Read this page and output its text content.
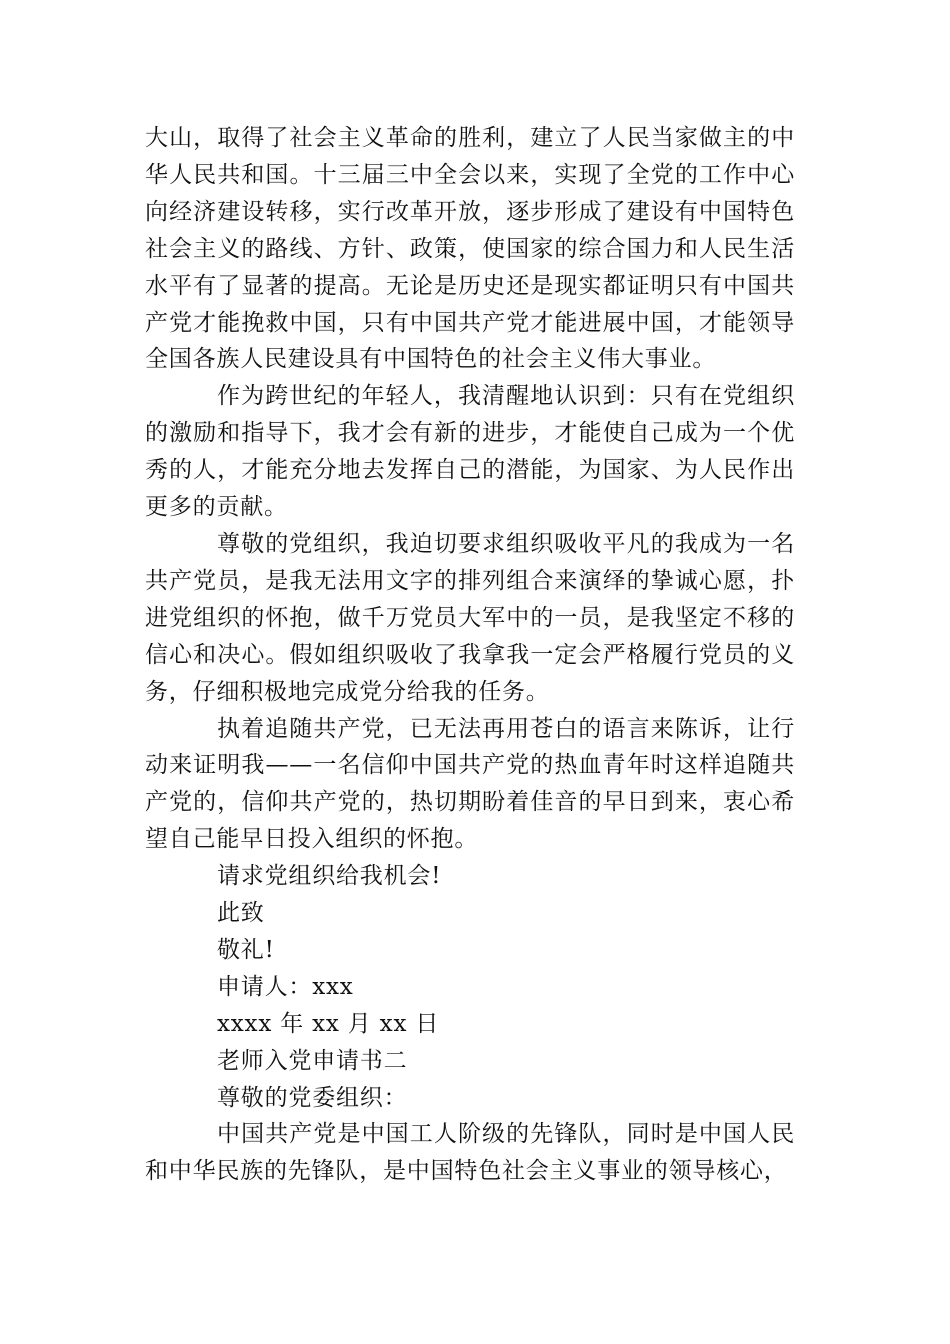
大山，取得了社会主义革命的胜利，建立了人民当家做主的中华人民共和国。十三届三中全会以来，实现了全党的工作中心向经济建设转移，实行改革开放，逐步形成了建设有中国特色社会主义的路线、方针、政策，使国家的综合国力和人民生活水平有了显著的提高。无论是历史还是现实都证明只有中国共产党才能挽救中国，只有中国共产党才能进展中国，才能领导全国各族人民建设具有中国特色的社会主义伟大事业。

作为跨世纪的年轻人，我清醒地认识到：只有在党组织的激励和指导下，我才会有新的进步，才能使自己成为一个优秀的人，才能充分地去发挥自己的潜能，为国家、为人民作出更多的贡献。

尊敬的党组织，我迫切要求组织吸收平凡的我成为一名共产党员，是我无法用文字的排列组合来演绎的挚诚心愿，扑进党组织的怀抱，做千万党员大军中的一员，是我坚定不移的信心和决心。假如组织吸收了我拿我一定会严格履行党员的义务，仔细积极地完成党分给我的任务。

执着追随共产党，已无法再用苍白的语言来陈诉，让行动来证明我——一名信仰中国共产党的热血青年时这样追随共产党的，信仰共产党的，热切期盼着佳音的早日到来，衷心希望自己能早日投入组织的怀抱。

请求党组织给我机会!

此致

敬礼!

申请人：xxx

xxxx 年 xx 月 xx 日

老师入党申请书二

尊敬的党委组织：

中国共产党是中国工人阶级的先锋队，同时是中国人民和中华民族的先锋队，是中国特色社会主义事业的领导核心，
